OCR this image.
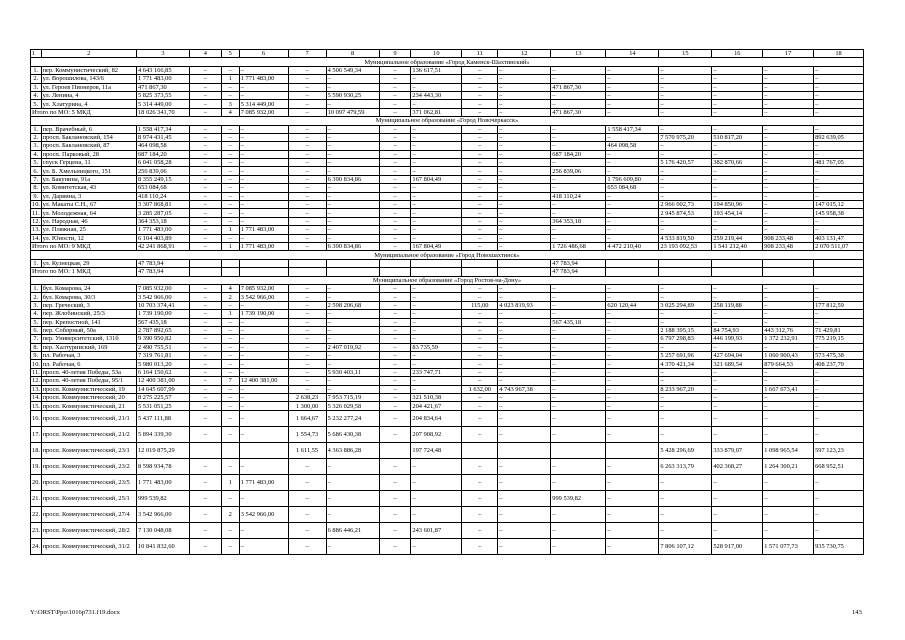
1	2	3	4	5	6	7	8	9	10	11	12	13	14	15	16	17	18
Муниципальное образование «Город Каменск-Шахтинский»																	
1.	пер. Коммунистический, 82	4 643 166,85	–	–	–	–	4 506 549,34	–	136 617,51	–	–	–	–	–	–	–	–
2.	ул. Ворошилова, 143/6	1 771 483,00	–	1	1 771 483,00	–	–	–	–	–	–	–	–	–	–	–	–
3.	ул. Героев Пионеров, 11а	471 867,30	–	–	–	–	–	–	–	–	–	471 867,30	–	–	–	–	–
4.	ул. Ленина, 4	5 825 373,55	–	–	–	–	5 590 930,25	–	234 443,30	–	–	–	–	–	–	–	–
5.	ул. Хлатурина, 4	5 314 449,00	–	3	5 314 449,00	–	–	–	–	–	–	–	–	–	–	–	–
Итого по МО: 5 МКД		18 026 341,70	–	4	7 085 932,00	–	10 097 479,59	–	371 062,81	–	–	471 867,30	–	–	–	–	–
Муниципальное образование «Город Новочеркасск»																	
1.	пер. Врачебный, 6	1 558 417,34	–	–	–	–	–	–	–	–	–	–	1 558 417,34	–	–	–	–
2.	просп. Баклановский, 154	8 974 431,45	–	–	–	–	–	–	–	–	–	–	–	7 570 975,20	510 817,20	–	892 639,05
3.	просп. Баклановский, 87	464 098,58	–	–	–	–	–	–	–	–	–	–	464 098,58	–	–	–	–
4.	просп. Парковый, 28	687 184,20	–	–	–	–	–	–	–	–	–	687 184,20	–	–	–	–	–
5.	спуск Герцена, 11	6 041 058,28	–	–	–	–	–	–	–	–	–	–	–	5 176 420,57	382 870,66	–	481 767,05
6.	ул. Б. Хмельницкого, 151	256 839,06	–	–	–	–	–	–	–	–	–	256 839,06	–	–	–	–	–
7.	ул. Бакунина, 91а	8 355 249,15	–	–	–	–	6 390 834,86	–	167 804,49	–	–	–	1 796 609,80	–	–	–	–
8.	ул. Комитетская, 43	653 084,68	–	–	–	–	–	–	–	–	–	–	653 084,68	–	–	–	–
9.	ул. Дарвина, 3	418 110,24	–	–	–	–	–	–	–	–	–	418 110,24	–	–	–	–	–
10.	ул. Макаты С.Н., 67	3 307 868,81	–	–	–	–	–	–	–	–	–	–	–	2 966 002,73	194 850,96	–	147 015,12
11.	ул. Молодежная, 64	3 285 287,05	–	–	–	–	–	–	–	–	–	–	–	2 945 874,53	193 454,14	–	145 958,38
12.	ул. Народная, 46	364 353,18	–	–	–	–	–	–	–	–	–	364 353,18	–	–	–	–	–
13.	ул. Пляжная, 25	1 771 483,00	–	1	1 771 483,00	–	–	–	–	–	–	–	–	–	–	–	–
14.	ул. Юности, 12	6 104 403,89	–	–	–	–	–	–	–	–	–	–	–	4 533 819,50	259 219,44	908 233,48	403 131,47
Итого по МО: 9 МКД		42 241 868,91	–	1	1 771 483,00	–	6 390 834,86	–	167 804,49	–	–	1 726 486,68	4 472 210,40	23 193 092,53	1 541 212,40	908 233,48	2 070 511,07
Муниципальное образование «Город Новошахтинск»																	
1.	ул. Кузнецкая, 29	47 783,94										47 783,94					
Итого по МО: 1 МКД		47 783,94										47 783,94					
Муниципальное образование «Город Ростов-на-Дону»																	
1.	бул. Комарова, 24	7 085 932,00	–	4	7 085 932,00	–	–	–	–	–	–	–	–	–	–	–	–
2.	бул. Комарова, 30/3	3 542 966,00	–	2	3 542 966,00	–	–	–	–	–	–	–	–	–	–	–	–
3.	пер. Греческий, 3	10 703 374,41	–	–	–	–	2 598 206,68	–	–	115,00	4 023 819,93	–	620 120,44	3 025 294,89	258 119,88	–	177 812,59
4.	пер. Жлобинский, 25/3	1 739 190,00	–	1	1 739 190,00	–	–	–	–	–	–	–	–	–	–	–	–
5.	пер. Крепостной, 141	567 435,18	–	–	–	–	–	–	–	–	–	567 435,18	–	–	–	–	–
6.	пер. Соборный, 50а	2 787 892,65	–	–	–	–	–	–	–	–	–	–	–	2 188 395,15	84 754,93	443 312,76	71 429,81
7.	пер. Университетский, 131б	9 390 950,82	–	–	–	–	–	–	–	–	–	–	–	6 797 298,83	446 199,93	1 372 232,91	775 219,15
8.	пер. Халтуринский, 169	2 490 755,51	–	–	–	–	2 407 019,92	–	83 735,59	–	–	–	–	–	–	–	–
9.	пл. Рабочая, 3	7 319 761,81	–	–	–	–	–	–	–	–	–	–	–	5 257 691,96	427 694,04	1 060 900,43	573 475,38
10.	пл. Рабочая, 6	5 980 013,20	–	–	–	–	–	–	–	–	–	–	–	4 370 421,34	321 689,54	879 664,53	408 237,79
11.	просп. 40-летия Победы, 53а	6 164 150,62	–	–	–	–	5 930 403,11	–	233 747,71	–	–	–	–	–	–	–	–
12.	просп. 40-летия Победы, 95/1	12 400 381,00	–	7	12 400 381,00	–	–	–	–	–	–	–	–	–	–	–	–
13.	просп. Коммунистический, 19	14 645 607,99	–	–	–	–	–	–	–	1 632,00	4 743 967,38	–	–	8 233 967,20	–	1 667 673,41	–
14.	просп. Коммунистический, 20	8 275 225,57	–	–	–	2 638,23	7 953 715,19	–	321 510,38	–	–	–	–	–	–	–	–
15.	просп. Коммунистический, 21	5 531 051,25	–	–	–	1 300,00	5 326 029,58	–	204 421,67	–	–	–	–	–	–	–	–
16.	просп. Коммунистический, 21/1	5 437 111,88	–	–	–	1 664,67	5 232 277,24	–	204 834,64	–	–	–	–	–	–	–	–
17.	просп. Коммунистический, 21/2	5 894 339,30	–	–	–	1 554,73	5 686 430,38	–	207 908,92	–	–	–	–	–	–	–	–
18.	просп. Коммунистический, 23/1	12 019 875,29				1 611,55	4 363 886,28		197 724,48					5 428 296,69	333 879,07	1 098 965,54	597 123,23
19.	просп. Коммунистический, 23/2	8 598 934,78	–	–	–	–	–	–	–	–	–	–	–	6 263 313,79	402 368,27	1 264 300,21	668 952,51
20.	просп. Коммунистический, 23/5	1 771 483,00	–	1	1 771 483,00	–	–	–	–	–	–	–	–	–	–	–	–
21.	просп. Коммунистический, 25/1	999 539,82	–	–	–	–	–	–	–	–	–	999 539,82	–	–	–	–	–
22.	просп. Коммунистический, 27/4	3 542 966,00	–	2	3 542 966,00	–	–	–	–	–	–	–	–	–	–	–	–
23.	просп. Коммунистический, 28/2	7 130 048,08	–	–	–	–	6 886 446,21	–	243 601,87	–	–	–	–	–	–	–	–
24.	просп. Коммунистический, 31/2	10 841 832,60	–	–	–	–	–	–	–	–	–	–	–	7 806 107,12	528 917,00	1 571 077,73	935 730,75
Y:\ORST\Ppo\1016p731.f19.docx	143
